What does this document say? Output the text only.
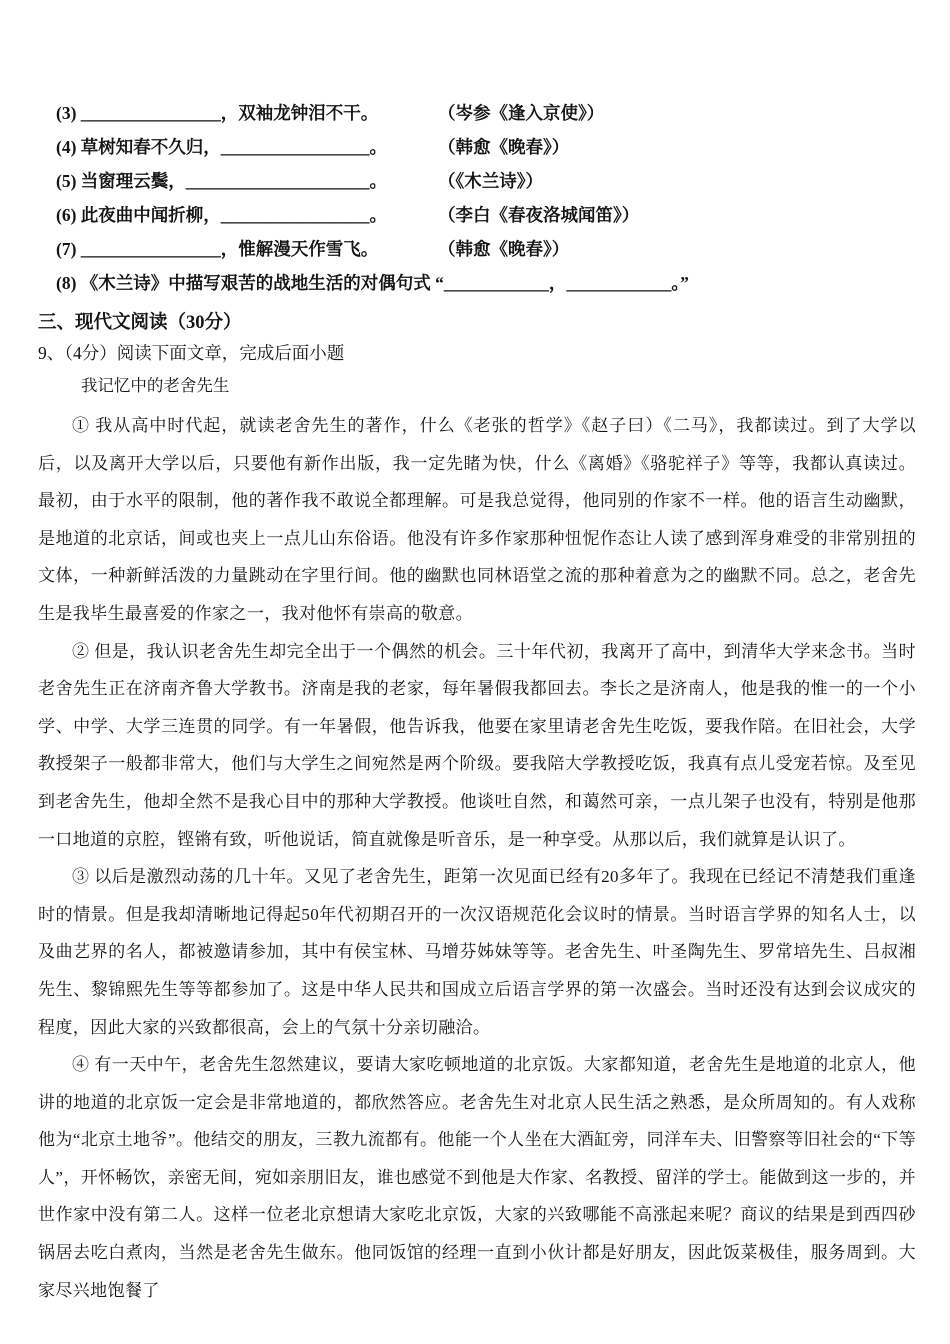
(3) ________________，双袖龙钟泪不干。	（岑参《逢入京使》）
(4) 草树知春不久归，_________________。	（韩愈《晚春》）
(5) 当窗理云鬓，_____________________。	（《木兰诗》）
(6) 此夜曲中闻折柳，_________________。	（李白《春夜洛城闻笛》）
(7) ________________，惟解漫天作雪飞。	（韩愈《晚春》）
(8) 《木兰诗》中描写艰苦的战地生活的对偶句式 “____________，____________。”
三、现代文阅读（30分）
9、（4分）阅读下面文章，完成后面小题
我记忆中的老舍先生

① 我从高中时代起，就读老舍先生的著作，什么《老张的哲学》《赵子曰）《二马》，我都读过。到了大学以后，以及离开大学以后，只要他有新作出版，我一定先睹为快，什么《离婚》《骆驼祥子》等等，我都认真读过。最初，由于水平的限制，他的著作我不敢说全都理解。可是我总觉得，他同别的作家不一样。他的语言生动幽默，是地道的北京话，间或也夹上一点儿山东俗语。他没有许多作家那种忸怩作态让人读了感到浑身难受的非常别扭的文体，一种新鲜活泼的力量跳动在字里行间。他的幽默也同林语堂之流的那种着意为之的幽默不同。总之，老舍先生是我毕生最喜爱的作家之一，我对他怀有崇高的敬意。

② 但是，我认识老舍先生却完全出于一个偶然的机会。三十年代初，我离开了高中，到清华大学来念书。当时老舍先生正在济南齐鲁大学教书。济南是我的老家，每年暑假我都回去。李长之是济南人，他是我的惟一的一个小学、中学、大学三连贯的同学。有一年暑假，他告诉我，他要在家里请老舍先生吃饭，要我作陪。在旧社会，大学教授架子一般都非常大，他们与大学生之间宛然是两个阶级。要我陪大学教授吃饭，我真有点儿受宠若惊。及至见到老舍先生，他却全然不是我心目中的那种大学教授。他谈吐自然，和蔼然可亲，一点儿架子也没有，特别是他那一口地道的京腔，铿锵有致，听他说话，简直就像是听音乐，是一种享受。从那以后，我们就算是认识了。

③ 以后是激烈动荡的几十年。又见了老舍先生，距第一次见面已经有20多年了。我现在已经记不清楚我们重逢时的情景。但是我却清晰地记得起50年代初期召开的一次汉语规范化会议时的情景。当时语言学界的知名人士，以及曲艺界的名人，都被邀请参加，其中有侯宝林、马增芬姊妹等等。老舍先生、叶圣陶先生、罗常培先生、吕叔湘先生、黎锦熙先生等等都参加了。这是中华人民共和国成立后语言学界的第一次盛会。当时还没有达到会议成灾的程度，因此大家的兴致都很高，会上的气氛十分亲切融洽。

④ 有一天中午，老舍先生忽然建议，要请大家吃顿地道的北京饭。大家都知道，老舍先生是地道的北京人，他讲的地道的北京饭一定会是非常地道的，都欣然答应。老舍先生对北京人民生活之熟悉，是众所周知的。有人戏称他为“北京土地爷”。他结交的朋友，三教九流都有。他能一个人坐在大酒缸旁，同洋车夫、旧警察等旧社会的“下等人”，开怀畅饮，亲密无间，宛如亲朋旧友，谁也感觉不到他是大作家、名教授、留洋的学士。能做到这一步的，并世作家中没有第二人。这样一位老北京想请大家吃北京饭，大家的兴致哪能不高涨起来呢？商议的结果是到西四砂锅居去吃白煮肉，当然是老舍先生做东。他同饭馆的经理一直到小伙计都是好朋友，因此饭菜极佳，服务周到。大家尽兴地饱餐了
